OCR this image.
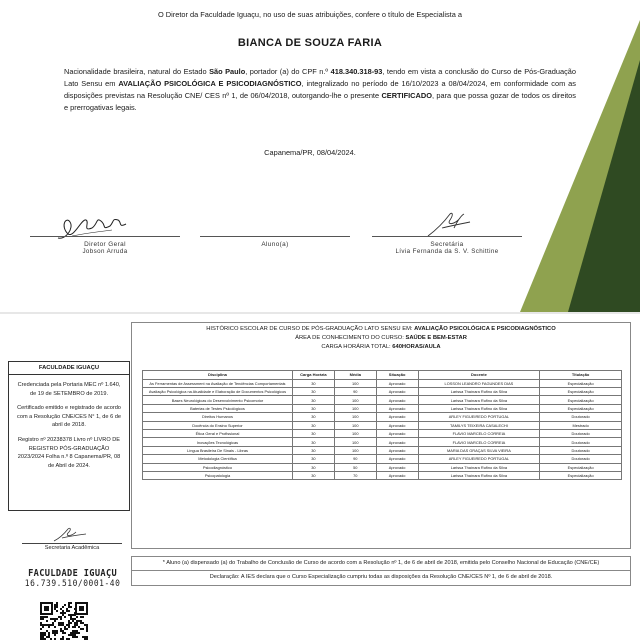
O Diretor da Faculdade Iguaçu, no uso de suas atribuições, confere o título de Especialista a
BIANCA DE SOUZA FARIA
Nacionalidade brasileira, natural do Estado São Paulo, portador (a) do CPF n.º 418.340.318-93, tendo em vista a conclusão do Curso de Pós-Graduação Lato Sensu em AVALIAÇÃO PSICOLÓGICA E PSICODIAGNÓSTICO, integralizado no período de 16/10/2023 a 08/04/2024, em conformidade com as disposições previstas na Resolução CNE/ CES nº 1, de 06/04/2018, outorgando-lhe o presente CERTIFICADO, para que possa gozar de todos os direitos e prerrogativas legais.
Capanema/PR, 08/04/2024.
Diretor Geral
Jobson Arruda
Aluno(a)	Secretária
Lívia Fernanda da S. V. Schittine
FACULDADE IGUAÇU
Credenciada pela Portaria MEC nº 1.640, de 19 de SETEMBRO de 2019.
Certificado emitido e registrado de acordo com a Resolução CNE/CES N° 1, de 6 de abril de 2018.
Registro nº 20238378 Livro nº LIVRO DE REGISTRO PÓS-GRADUAÇÃO 2023/2024 Folha n.º 8 Capanema/PR, 08 de Abril de 2024.
Secretaria Acadêmica
FACULDADE IGUAÇU
16.739.510/0001-40
HISTÓRICO ESCOLAR DE CURSO DE PÓS-GRADUAÇÃO LATO SENSU EM: AVALIAÇÃO PSICOLÓGICA E PSICODIAGNÓSTICO
ÁREA DE CONHECIMENTO DO CURSO: SAÚDE E BEM-ESTAR
CARGA HORÁRIA TOTAL: 640HORAS/AULA
Disciplina	Carga Horária	Média	Situação	Docente	Titulação
As Ferramentas de Assessment na Avaliação de Tendências Comportamentais	30	100	Aprovado	LOSSON LEANDRO FAGUNDES DIAS	Especialização
Avaliação Psicológica na Atualidade e Elaboração de Documentos Psicológicos	30	90	Aprovado	Larissa Thaínara Rufino da Silva	Especialização
Bases Neurológicas do Desenvolvimento Psicomotor	30	100	Aprovado	Larissa Thaínara Rufino da Silva	Especialização
Baterias de Testes Psicológicos	30	100	Aprovado	Larissa Thaínara Rufino da Silva	Especialização
Direitos Humanos	30	100	Aprovado	ARLEY FIGUEIREDO PORTUGAL	Doutorado
Docência do Ensino Superior	30	100	Aprovado	TAMILYS TEIXEIRA CASALECHI	Mestrado
Ética Geral e Profissional	30	100	Aprovado	FLAVIO MARCELO CORREIA	Doutorado
Inovações Tecnológicas	30	100	Aprovado	FLAVIO MARCELO CORREIA	Doutorado
Língua Brasileira De Sinais - Libras	30	100	Aprovado	MARIA DAS GRAÇAS SILVA VIEIRA	Doutorado
Metodologia Científica	30	90	Aprovado	ARLEY FIGUEIREDO PORTUGAL	Doutorado
Psicodiagnóstico	30	50	Aprovado	Larissa Thaínara Rufino da Silva	Especialização
Psicopatologia	30	70	Aprovado	Larissa Thaínara Rufino da Silva	Especialização
* Aluno (a) dispensado (a) do Trabalho de Conclusão de Curso de acordo com a Resolução nº 1, de 6 de abril de 2018, emitida pelo Conselho Nacional de Educação (CNE/CE)
Declaração: A IES declara que o Curso Especialização cumpriu todas as disposições da Resolução CNE/CES Nº 1, de 6 de abril de 2018.
